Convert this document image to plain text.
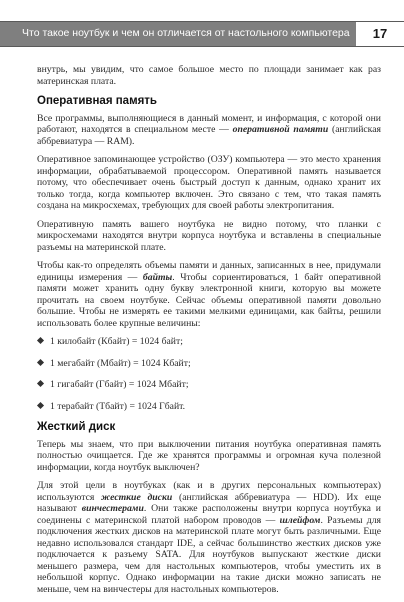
Что такое ноутбук и чем он отличается от настольного компьютера	17

внутрь, мы увидим, что самое большое место по площади занимает как раз материнская плата.

Оперативная память

Все программы, выполняющиеся в данный момент, и информация, с которой они работают, находятся в специальном месте — оперативной памяти (английская аббревиатура — RAM).

Оперативное запоминающее устройство (ОЗУ) компьютера — это место хранения информации, обрабатываемой процессором. Оперативной память называется потому, что обеспечивает очень быстрый доступ к данным, однако хранит их только тогда, когда компьютер включен. Это связано с тем, что такая память создана на микросхемах, требующих для своей работы электропитания.

Оперативную память вашего ноутбука не видно потому, что планки с микросхемами находятся внутри корпуса ноутбука и вставлены в специальные разъемы на материнской плате.

Чтобы как-то определять объемы памяти и данных, записанных в нее, придумали единицы измерения — байты. Чтобы сориентироваться, 1 байт оперативной памяти может хранить одну букву электронной книги, которую вы можете прочитать на своем ноутбуке. Сейчас объемы оперативной памяти довольно большие. Чтобы не измерять ее такими мелкими единицами, как байты, решили использовать более крупные величины:

1 килобайт (Кбайт) = 1024 байт;
1 мегабайт (Мбайт) = 1024 Кбайт;
1 гигабайт (Гбайт) = 1024 Мбайт;
1 терабайт (Тбайт) = 1024 Гбайт.
Жесткий диск

Теперь мы знаем, что при выключении питания ноутбука оперативная память полностью очищается. Где же хранятся программы и огромная куча полезной информации, когда ноутбук выключен?

Для этой цели в ноутбуках (как и в других персональных компьютерах) используются жесткие диски (английская аббревиатура — HDD). Их еще называют винчестерами. Они также расположены внутри корпуса ноутбука и соединены с материнской платой набором проводов — шлейфом. Разъемы для подключения жестких дисков на материнской плате могут быть различными. Еще недавно использовался стандарт IDE, а сейчас большинство жестких дисков уже подключается к разъему SATA. Для ноутбуков выпускают жесткие диски меньшего размера, чем для настольных компьютеров, чтобы уместить их в небольшой корпус. Однако информации на такие диски можно записать не меньше, чем на винчестеры для настольных компьютеров.
